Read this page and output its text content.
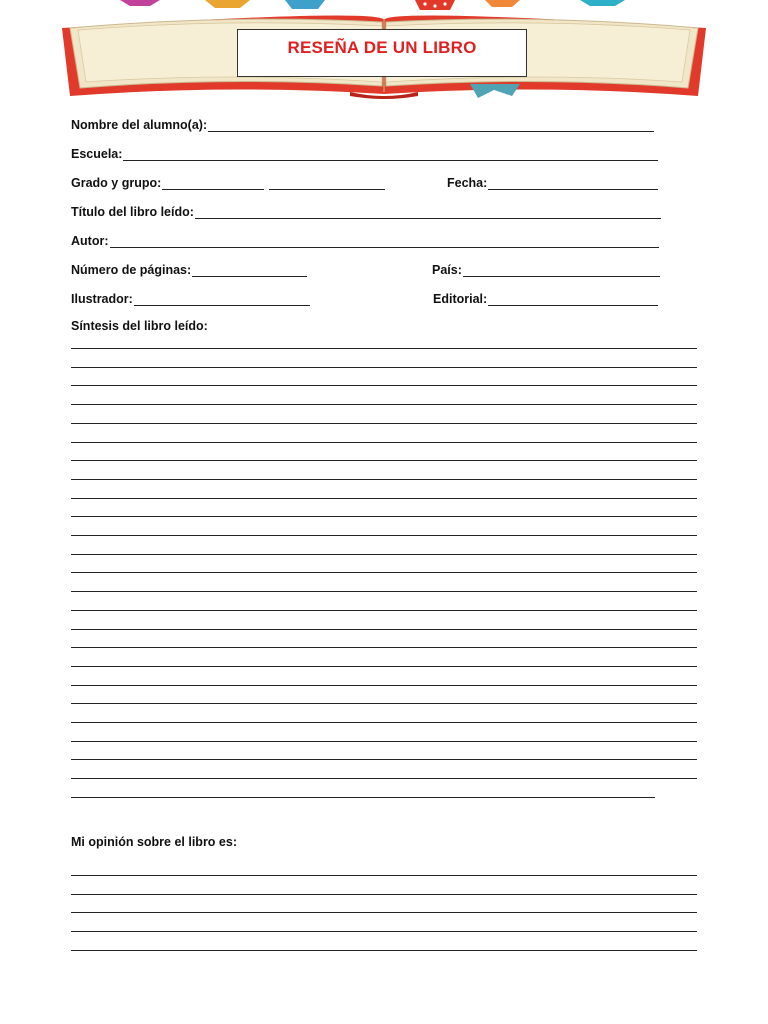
RESEÑA DE UN LIBRO
Nombre del alumno(a):
Escuela:
Grado y grupo:	Fecha:
Título del libro leído:
Autor:
Número de páginas:	País:
Ilustrador:	Editorial:
Síntesis del libro leído:
Mi opinión sobre el libro es:
